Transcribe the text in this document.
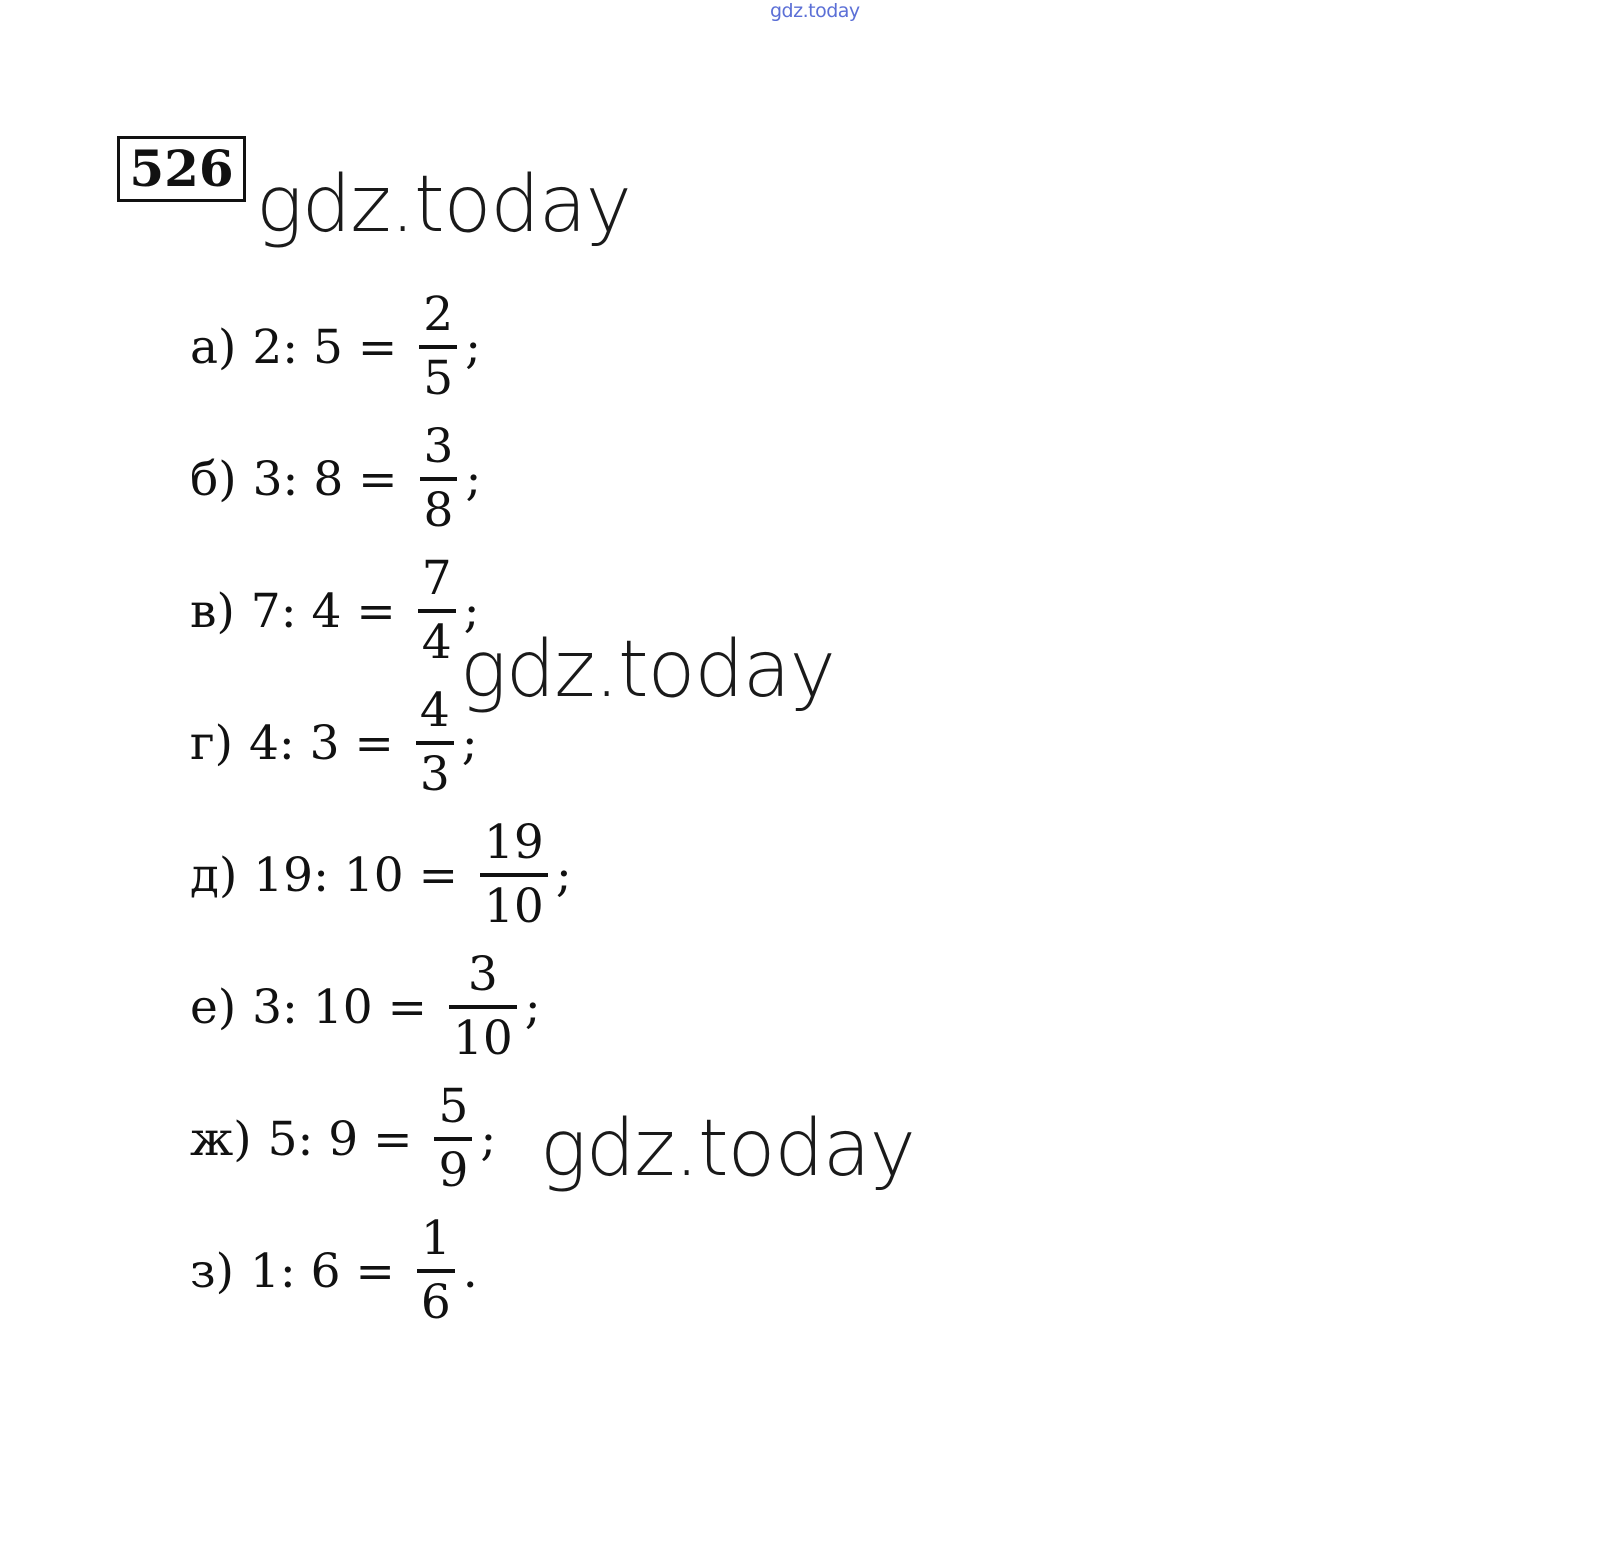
gdz.today
526 gdz.today
gdz.today
gdz.today
а) 2: $5 = \frac{2}{5}$ ;
б) 3: $8 = \frac{3}{8}$ ;
в) 7: $4 = \frac{7}{4}$ ;
г) 4: $3 = \frac{4}{3}$ ;
д) 19: $10 = \frac{19}{10}$ ;
е) 3: $10 = \frac{3}{10}$ ;
ж) 5: $9 = \frac{5}{9}$ ;
з) 1: $6 = \frac{1}{6}$ .
